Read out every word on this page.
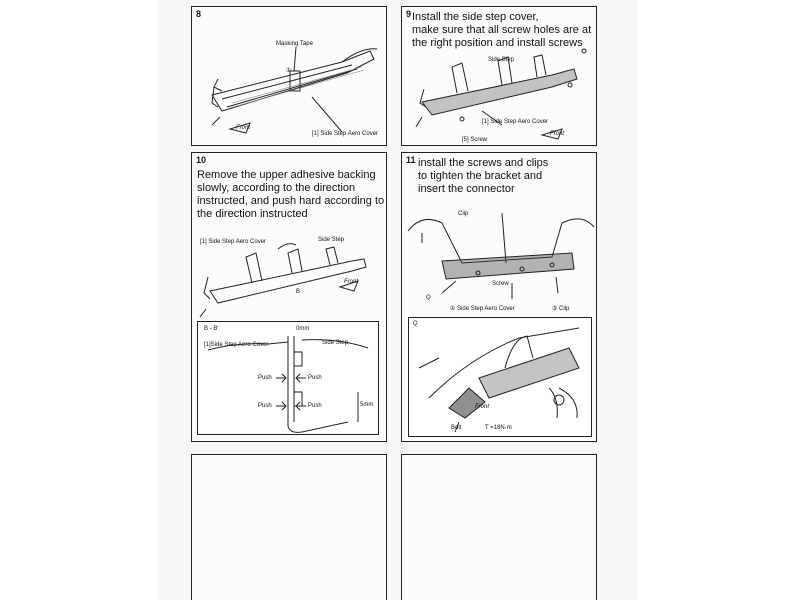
8
Masking Tape
①
[1] Side Step Aero Cover
Front
9 Install the side step cover,
make sure that all screw holes are at
the right position and install screws
Side Step
[1] Side Step Aero Cover
[5] Screw
Front
10
Remove the upper adhesive backing
slowly, according to the direction
instructed, and push hard according to
the direction instructed
[1] Side Step Aero Cover	Side Step
B
Front
B - B'	0mm
[1]Side Step Aero Cover	Side Step
Push	Push
Push	Push	5mm
11 install the screws and clips
to tighten the bracket and
insert the connector
Clip
Screw
① Side Step Aero Cover	⑤ Clip
Q
Q
Bolt	T =18N·m
Front
